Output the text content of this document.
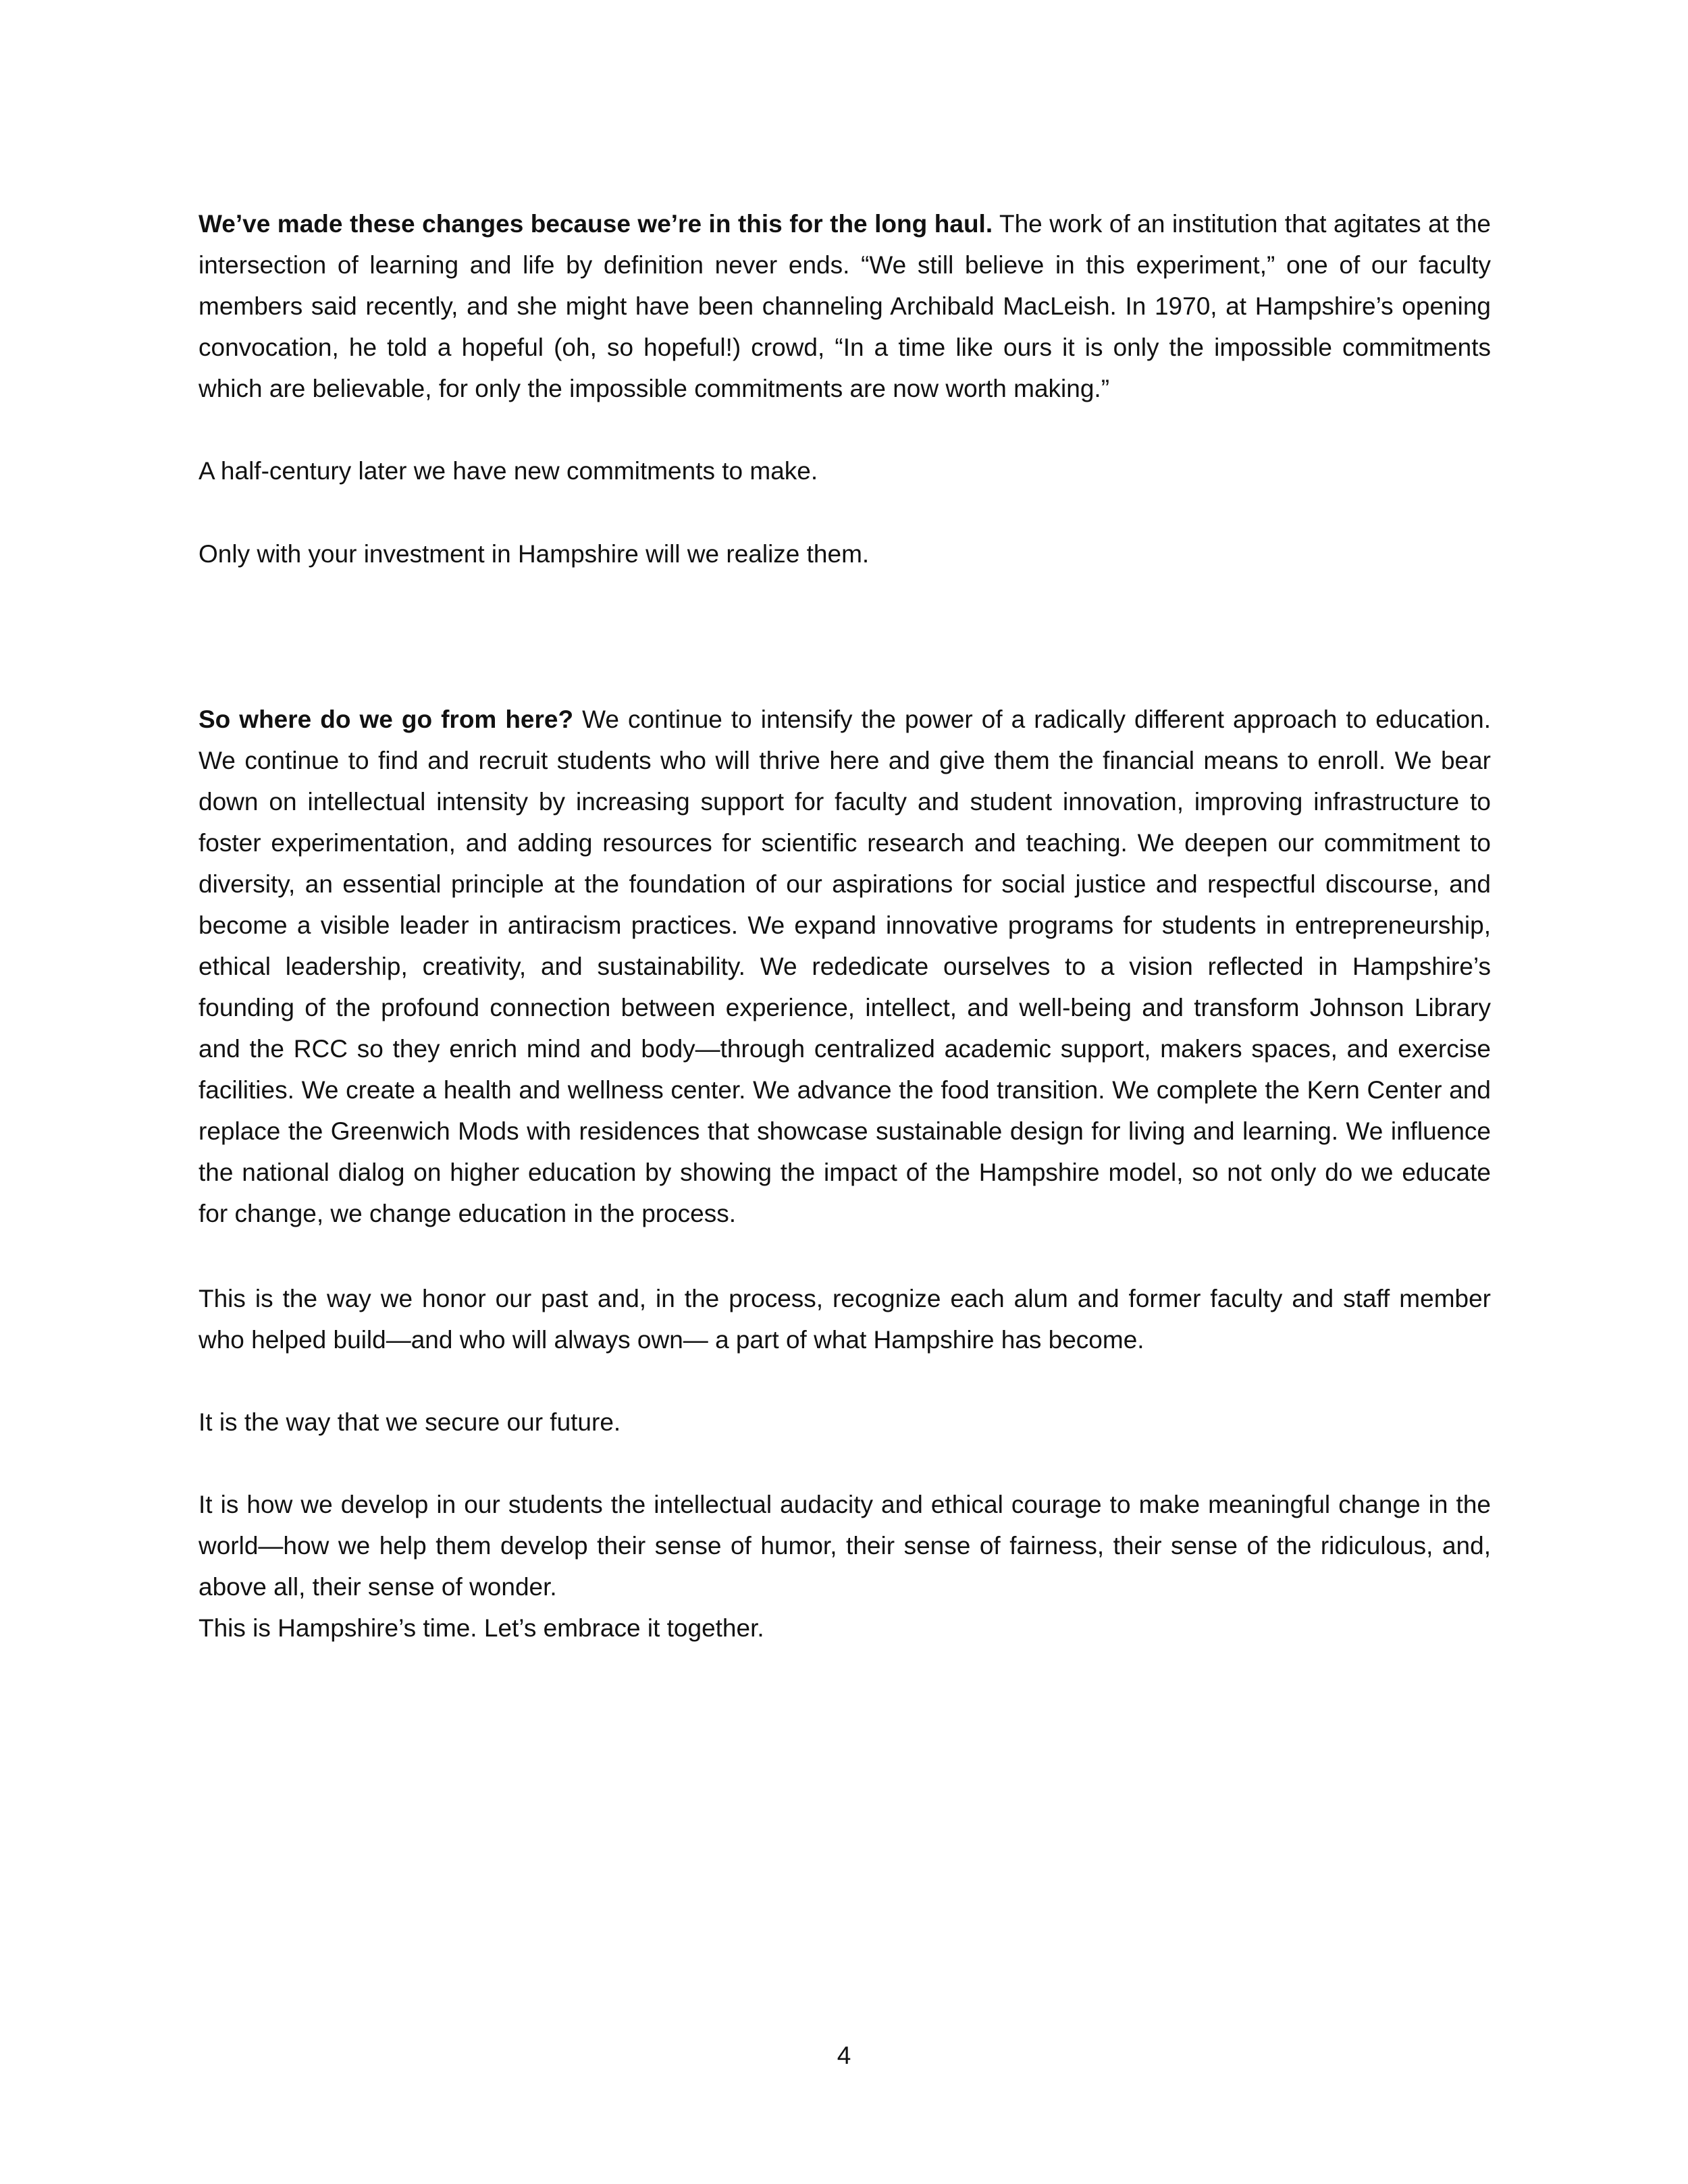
We’ve made these changes because we’re in this for the long haul. The work of an institution that agitates at the intersection of learning and life by definition never ends. “We still believe in this experiment,” one of our faculty members said recently, and she might have been channeling Archibald MacLeish. In 1970, at Hampshire’s opening convocation, he told a hopeful (oh, so hopeful!) crowd, “In a time like ours it is only the impossible commitments which are believable, for only the impossible commitments are now worth making.”

A half-century later we have new commitments to make.

Only with your investment in Hampshire will we realize them.

So where do we go from here? We continue to intensify the power of a radically different approach to education. We continue to find and recruit students who will thrive here and give them the financial means to enroll. We bear down on intellectual intensity by increasing support for faculty and student innovation, improving infrastructure to foster experimentation, and adding resources for scientific research and teaching. We deepen our commitment to diversity, an essential principle at the foundation of our aspirations for social justice and respectful discourse, and become a visible leader in antiracism practices. We expand innovative programs for students in entrepreneurship, ethical leadership, creativity, and sustainability. We rededicate ourselves to a vision reflected in Hampshire’s founding of the profound connection between experience, intellect, and well-being and transform Johnson Library and the RCC so they enrich mind and body—through centralized academic support, makers spaces, and exercise facilities. We create a health and wellness center. We advance the food transition. We complete the Kern Center and replace the Greenwich Mods with residences that showcase sustainable design for living and learning. We influence the national dialog on higher education by showing the impact of the Hampshire model, so not only do we educate for change, we change education in the process.

This is the way we honor our past and, in the process, recognize each alum and former faculty and staff member who helped build—and who will always own— a part of what Hampshire has become.

It is the way that we secure our future.

It is how we develop in our students the intellectual audacity and ethical courage to make meaningful change in the world—how we help them develop their sense of humor, their sense of fairness, their sense of the ridiculous, and, above all, their sense of wonder.

This is Hampshire’s time. Let’s embrace it together.

4
